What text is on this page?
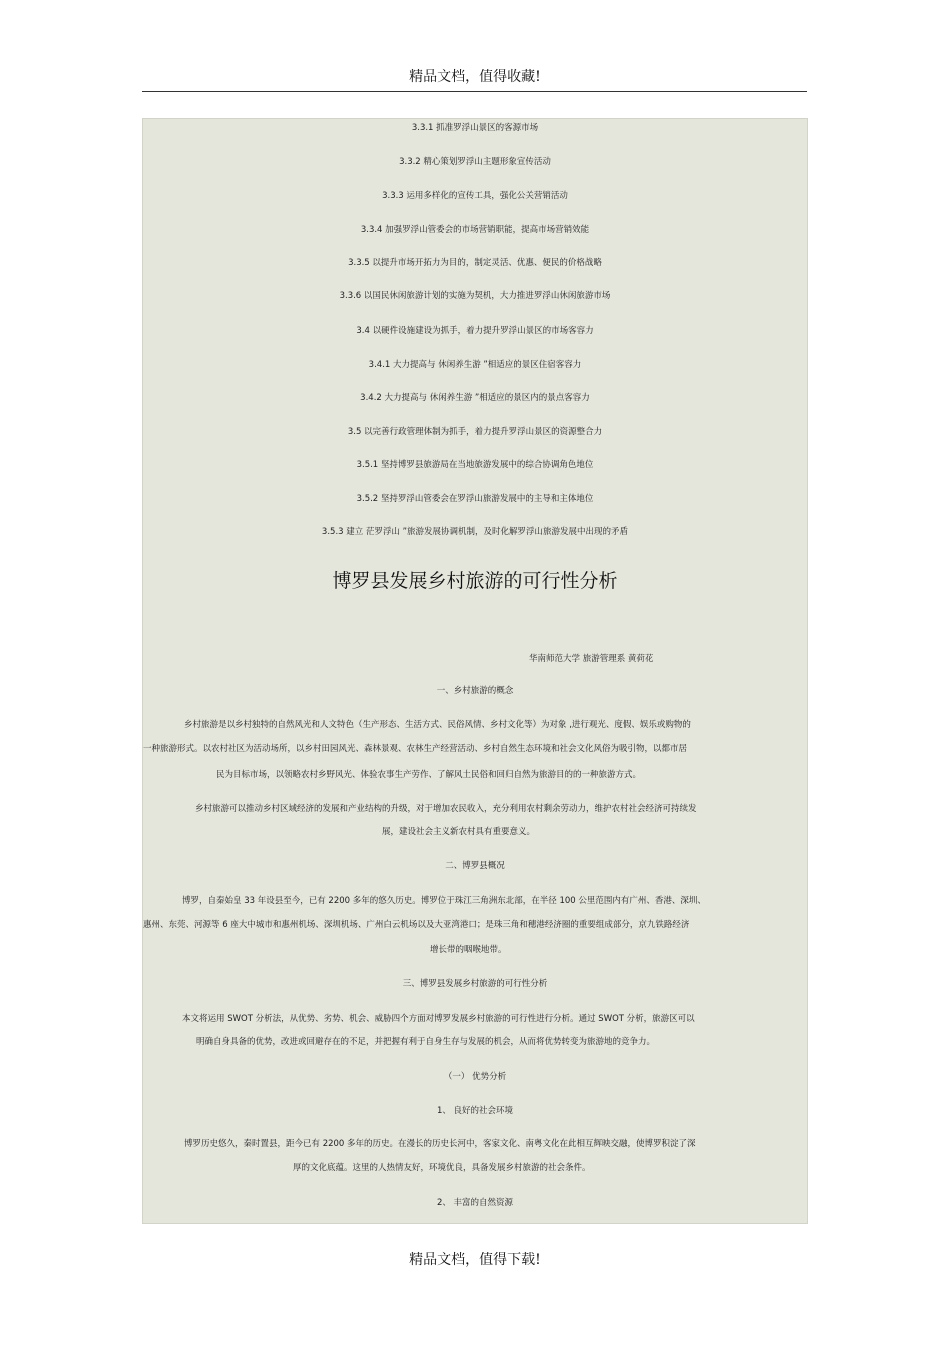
精品文档，值得收藏!
3.3.1 抓准罗浮山景区的客源市场
3.3.2 精心策划罗浮山主题形象宣传活动
3.3.3 运用多样化的宣传工具，强化公关营销活动
3.3.4 加强罗浮山管委会的市场营销职能，提高市场营销效能
3.3.5 以提升市场开拓力为目的，制定灵活、优惠、便民的价格战略
3.3.6 以国民休闲旅游计划的实施为契机，大力推进罗浮山休闲旅游市场
3.4 以硬件设施建设为抓手，着力提升罗浮山景区的市场客容力
3.4.1 大力提高与 休闲养生游 ”相适应的景区住宿客容力
3.4.2 大力提高与 休闲养生游 ”相适应的景区内的景点客容力
3.5 以完善行政管理体制为抓手，着力提升罗浮山景区的资源整合力
3.5.1 坚持博罗县旅游局在当地旅游发展中的综合协调角色地位
3.5.2 坚持罗浮山管委会在罗浮山旅游发展中的主导和主体地位
3.5.3 建立 茫罗浮山 ”旅游发展协调机制，及时化解罗浮山旅游发展中出现的矛盾
博罗县发展乡村旅游的可行性分析
华南师范大学 旅游管理系 黄荷花
一、乡村旅游的概念
乡村旅游是以乡村独特的自然风光和人文特色（生产形态、生活方式、民俗风情、乡村文化等）为对象 ,进行观光、度假、娱乐或购物的
一种旅游形式。以农村社区为活动场所，以乡村田园风光、森林景观、农林生产经营活动、乡村自然生态环境和社会文化风俗为吸引物，以都市居
民为目标市场，以领略农村乡野风光、体验农事生产劳作、了解风土民俗和回归自然为旅游目的的一种旅游方式。
乡村旅游可以推动乡村区域经济的发展和产业结构的升级，对于增加农民收入，充分利用农村剩余劳动力，维护农村社会经济可持续发
展，建设社会主义新农村具有重要意义。
二、博罗县概况
博罗，自秦始皇 33 年设县至今，已有 2200 多年的悠久历史。博罗位于珠江三角洲东北部，在半径 100 公里范围内有广州、香港、深圳、
惠州、东莞、河源等 6 座大中城市和惠州机场、深圳机场、广州白云机场以及大亚湾港口；是珠三角和穗港经济圈的重要组成部分，京九铁路经济
增长带的咽喉地带。
三、博罗县发展乡村旅游的可行性分析
本文将运用 SWOT 分析法，从优势、劣势、机会、威胁四个方面对博罗发展乡村旅游的可行性进行分析。通过 SWOT 分析，旅游区可以
明确自身具备的优势，改进或回避存在的不足，并把握有利于自身生存与发展的机会，从而将优势转变为旅游地的竞争力。
（一） 优势分析
1、 良好的社会环境
博罗历史悠久，秦时置县，距今已有 2200 多年的历史。在漫长的历史长河中，客家文化、南粤文化在此相互辉映交融，使博罗积淀了深
厚的文化底蕴。这里的人热情友好，环境优良，具备发展乡村旅游的社会条件。
2、 丰富的自然资源
精品文档，值得下载!
